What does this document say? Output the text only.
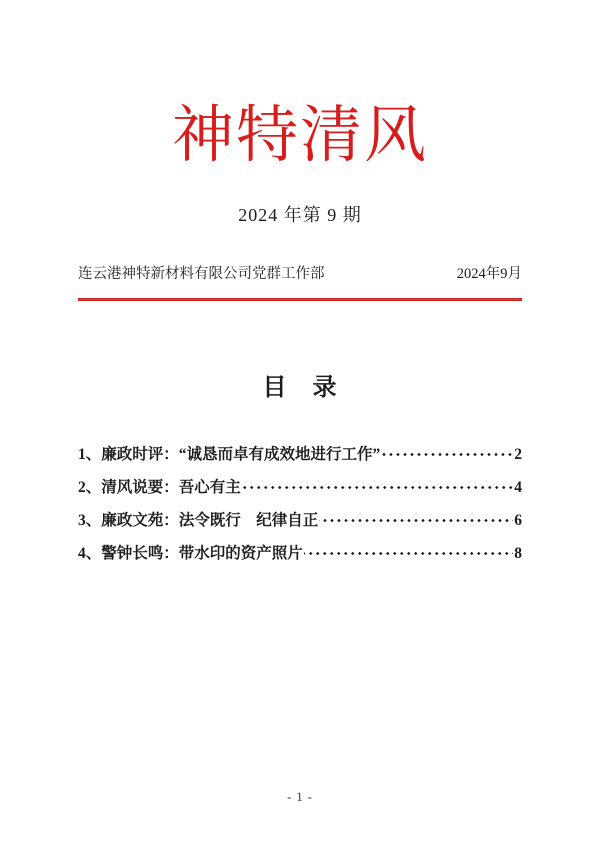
神特清风
2024 年第 9 期
连云港神特新材料有限公司党群工作部	2024年9月
目　录
1、廉政时评：“诚恳而卓有成效地进行工作”	2
2、清风说要：吾心有主	4
3、廉政文苑：法令既行　纪律自正	6
4、警钟长鸣：带水印的资产照片	8
- 1 -
